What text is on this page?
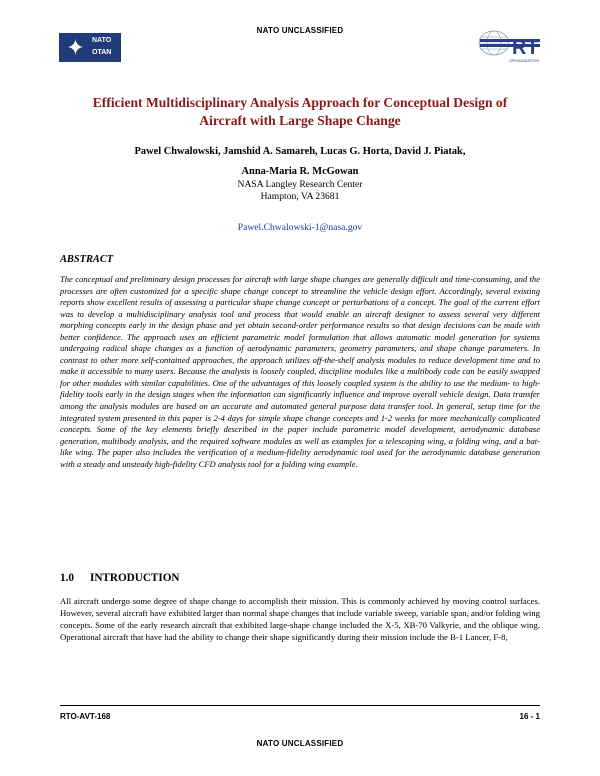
NATO UNCLASSIFIED
✦	NATO
OTAN	RT
ORGANIZATION
Efficient Multidisciplinary Analysis Approach for Conceptual Design of
Aircraft with Large Shape Change
Pawel Chwalowski, Jamshid A. Samareh, Lucas G. Horta, David J. Piatak,
Anna-Maria R. McGowan
NASA Langley Research Center
Hampton, VA 23681
Pawel.Chwalowski-1@nasa.gov
ABSTRACT
The conceptual and preliminary design processes for aircraft with large shape changes are generally difficult and time-consuming, and the processes are often customized for a specific shape change concept to streamline the vehicle design effort. Accordingly, several existing reports show excellent results of assessing a particular shape change concept or perturbations of a concept. The goal of the current effort was to develop a multidisciplinary analysis tool and process that would enable an aircraft designer to assess several very different morphing concepts early in the design phase and yet obtain second-order performance results so that design decisions can be made with better confidence. The approach uses an efficient parametric model formulation that allows automatic model generation for systems undergoing radical shape changes as a function of aerodynamic parameters, geometry parameters, and shape change parameters. In contrast to other more self-contained approaches, the approach utilizes off-the-shelf analysis modules to reduce development time and to make it accessible to many users. Because the analysis is loosely coupled, discipline modules like a multibody code can be easily swapped for other modules with similar capabilities. One of the advantages of this loosely coupled system is the ability to use the medium- to high-fidelity tools early in the design stages when the information can significantly influence and improve overall vehicle design. Data transfer among the analysis modules are based on an accurate and automated general purpose data transfer tool. In general, setup time for the integrated system presented in this paper is 2-4 days for simple shape change concepts and 1-2 weeks for more mechanically complicated concepts. Some of the key elements briefly described in the paper include parametric model development, aerodynamic database generation, multibody analysis, and the required software modules as well as examples for a telescoping wing, a folding wing, and a bat-like wing. The paper also includes the verification of a medium-fidelity aerodynamic tool used for the aerodynamic database generation with a steady and unsteady high-fidelity CFD analysis tool for a folding wing example.
1.0 INTRODUCTION
All aircraft undergo some degree of shape change to accomplish their mission. This is commonly achieved by moving control surfaces. However, several aircraft have exhibited larger than normal shape changes that include variable sweep, variable span, and/or folding wing concepts. Some of the early research aircraft that exhibited large-shape change included the X-5, XB-70 Valkyrie, and the oblique wing. Operational aircraft that have had the ability to change their shape significantly during their mission include the B-1 Lancer, F-8,
RTO-AVT-168	16 - 1
NATO UNCLASSIFIED
